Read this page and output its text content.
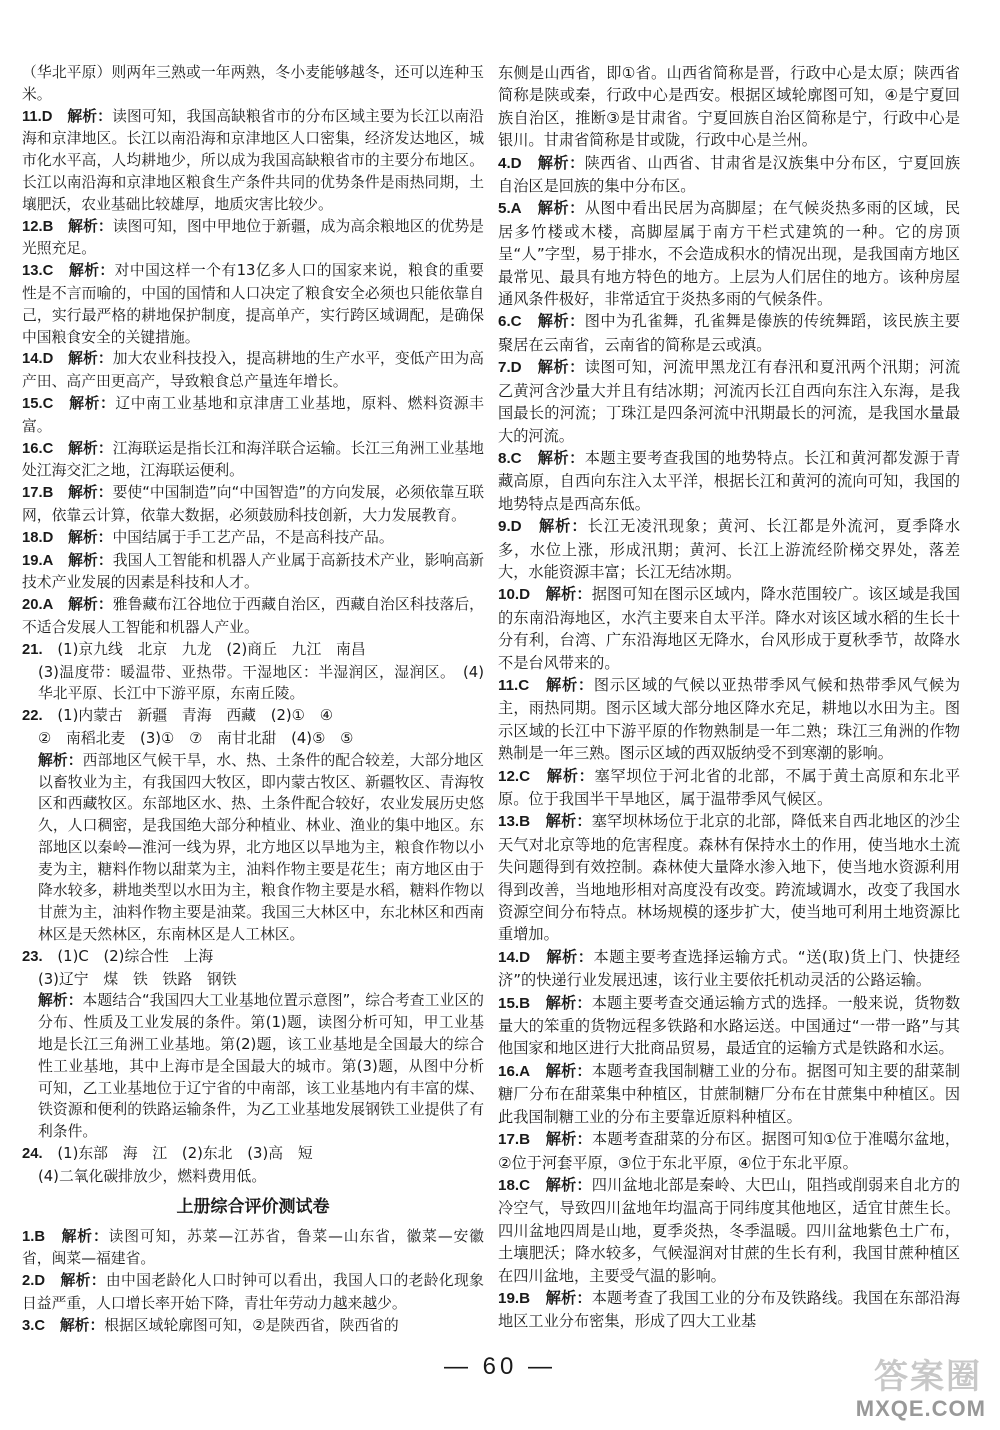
（华北平原）则两年三熟或一年两熟，冬小麦能够越冬，还可以连种玉米。

11.D　 解析：读图可知，我国高缺粮省市的分布区域主要为长江以南沿海和京津地区。长江以南沿海和京津地区人口密集，经济发达地区，城市化水平高，人均耕地少，所以成为我国高缺粮省市的主要分布地区。长江以南沿海和京津地区粮食生产条件共同的优势条件是雨热同期，土壤肥沃，农业基础比较雄厚，地质灾害比较少。

12.B　 解析：读图可知，图中甲地位于新疆，成为高余粮地区的优势是光照充足。

13.C　 解析：对中国这样一个有13亿多人口的国家来说，粮食的重要性是不言而喻的，中国的国情和人口决定了粮食安全必须也只能依靠自己，实行最严格的耕地保护制度，提高单产，实行跨区域调配，是确保中国粮食安全的关键措施。

14.D　 解析：加大农业科技投入，提高耕地的生产水平，变低产田为高产田、高产田更高产，导致粮食总产量连年增长。

15.C　 解析：辽中南工业基地和京津唐工业基地，原料、燃料资源丰富。

16.C　 解析：江海联运是指长江和海洋联合运输。长江三角洲工业基地处江海交汇之地，江海联运便利。

17.B　 解析：要使“中国制造”向“中国智造”的方向发展，必须依靠互联网，依靠云计算，依靠大数据，必须鼓励科技创新，大力发展教育。

18.D　 解析：中国结属于手工艺产品，不是高科技产品。

19.A　 解析：我国人工智能和机器人产业属于高新技术产业，影响高新技术产业发展的因素是科技和人才。

20.A　 解析：雅鲁藏布江谷地位于西藏自治区，西藏自治区科技落后，不适合发展人工智能和机器人产业。

21.　 (1)京九线　北京　九龙　(2)商丘　九江　南昌

(3)温度带：暖温带、亚热带。干湿地区：半湿润区，湿润区。　(4)华北平原、长江中下游平原，东南丘陵。

22.　 (1)内蒙古　新疆　青海　西藏　(2)①　④

②　南稻北麦　(3)①　⑦　南甘北甜　(4)⑤　⑤

解析：西部地区气候干旱，水、热、土条件的配合较差，大部分地区以畜牧业为主，有我国四大牧区，即内蒙古牧区、新疆牧区、青海牧区和西藏牧区。东部地区水、热、土条件配合较好，农业发展历史悠久，人口稠密，是我国绝大部分种植业、林业、渔业的集中地区。东部地区以秦岭—淮河一线为界，北方地区以旱地为主，粮食作物以小麦为主，糖料作物以甜菜为主，油料作物主要是花生；南方地区由于降水较多，耕地类型以水田为主，粮食作物主要是水稻，糖料作物以甘蔗为主，油料作物主要是油菜。我国三大林区中，东北林区和西南林区是天然林区，东南林区是人工林区。

23.　 (1)C　(2)综合性　上海

(3)辽宁　煤　铁　铁路　钢铁

解析：本题结合“我国四大工业基地位置示意图”，综合考查工业区的分布、性质及工业发展的条件。第(1)题，读图分析可知，甲工业基地是长江三角洲工业基地。第(2)题，该工业基地是全国最大的综合性工业基地，其中上海市是全国最大的城市。第(3)题，从图中分析可知，乙工业基地位于辽宁省的中南部，该工业基地内有丰富的煤、铁资源和便利的铁路运输条件，为乙工业基地发展钢铁工业提供了有利条件。

24.　 (1)东部　海　江　(2)东北　(3)高　短

(4)二氧化碳排放少，燃料费用低。

上册综合评价测试卷

1.B　 解析：读图可知，苏菜—江苏省，鲁菜—山东省，徽菜—安徽省，闽菜—福建省。

2.D　 解析：由中国老龄化人口时钟可以看出，我国人口的老龄化现象日益严重，人口增长率开始下降，青壮年劳动力越来越少。

3.C　 解析：根据区域轮廓图可知，②是陕西省，陕西省的

东侧是山西省，即①省。山西省简称是晋，行政中心是太原；陕西省简称是陕或秦，行政中心是西安。根据区域轮廓图可知，④是宁夏回族自治区，推断③是甘肃省。宁夏回族自治区简称是宁，行政中心是银川。甘肃省简称是甘或陇，行政中心是兰州。

4.D　 解析：陕西省、山西省、甘肃省是汉族集中分布区，宁夏回族自治区是回族的集中分布区。

5.A　 解析：从图中看出民居为高脚屋；在气候炎热多雨的区域，民居多竹楼或木楼，高脚屋属于南方干栏式建筑的一种。它的房顶呈“人”字型，易于排水，不会造成积水的情况出现，是我国南方地区最常见、最具有地方特色的地方。上层为人们居住的地方。该种房屋通风条件极好，非常适宜于炎热多雨的气候条件。

6.C　 解析：图中为孔雀舞，孔雀舞是傣族的传统舞蹈，该民族主要聚居在云南省，云南省的简称是云或滇。

7.D　 解析：读图可知，河流甲黑龙江有春汛和夏汛两个汛期；河流乙黄河含沙量大并且有结冰期；河流丙长江自西向东注入东海，是我国最长的河流；丁珠江是四条河流中汛期最长的河流，是我国水量最大的河流。

8.C　 解析：本题主要考查我国的地势特点。长江和黄河都发源于青藏高原，自西向东注入太平洋，根据长江和黄河的流向可知，我国的地势特点是西高东低。

9.D　 解析：长江无凌汛现象；黄河、长江都是外流河，夏季降水多，水位上涨，形成汛期；黄河、长江上游流经阶梯交界处，落差大，水能资源丰富；长江无结冰期。

10.D　 解析：据图可知在图示区域内，降水范围较广。该区域是我国的东南沿海地区，水汽主要来自太平洋。降水对该区域水稻的生长十分有利，台湾、广东沿海地区无降水，台风形成于夏秋季节，故降水不是台风带来的。

11.C　 解析：图示区域的气候以亚热带季风气候和热带季风气候为主，雨热同期。图示区域大部分地区降水充足，耕地以水田为主。图示区域的长江中下游平原的作物熟制是一年二熟；珠江三角洲的作物熟制是一年三熟。图示区域的西双版纳受不到寒潮的影响。

12.C　 解析：塞罕坝位于河北省的北部，不属于黄土高原和东北平原。位于我国半干旱地区，属于温带季风气候区。

13.B　 解析：塞罕坝林场位于北京的北部，降低来自西北地区的沙尘天气对北京等地的危害程度。森林有保持水土的作用，使当地水土流失问题得到有效控制。森林使大量降水渗入地下，使当地水资源利用得到改善，当地地形相对高度没有改变。跨流域调水，改变了我国水资源空间分布特点。林场规模的逐步扩大，使当地可利用土地资源比重增加。

14.D　 解析：本题主要考查选择运输方式。“送(取)货上门、快捷经济”的快递行业发展迅速，该行业主要依托机动灵活的公路运输。

15.B　 解析：本题主要考查交通运输方式的选择。一般来说，货物数量大的笨重的货物远程多铁路和水路运送。中国通过“一带一路”与其他国家和地区进行大批商品贸易，最适宜的运输方式是铁路和水运。

16.A　 解析：本题考查我国制糖工业的分布。据图可知主要的甜菜制糖厂分布在甜菜集中种植区，甘蔗制糖厂分布在甘蔗集中种植区。因此我国制糖工业的分布主要靠近原料种植区。

17.B　 解析：本题考查甜菜的分布区。据图可知①位于准噶尔盆地，②位于河套平原，③位于东北平原，④位于东北平原。

18.C　 解析：四川盆地北部是秦岭、大巴山，阻挡或削弱来自北方的冷空气，导致四川盆地年均温高于同纬度其他地区，适宜甘蔗生长。四川盆地四周是山地，夏季炎热，冬季温暖。四川盆地紫色土广布，土壤肥沃；降水较多，气候湿润对甘蔗的生长有利，我国甘蔗种植区在四川盆地，主要受气温的影响。

19.B　 解析：本题考查了我国工业的分布及铁路线。我国在东部沿海地区工业分布密集，形成了四大工业基

— 60 —	答案圈
MXQE.COM
